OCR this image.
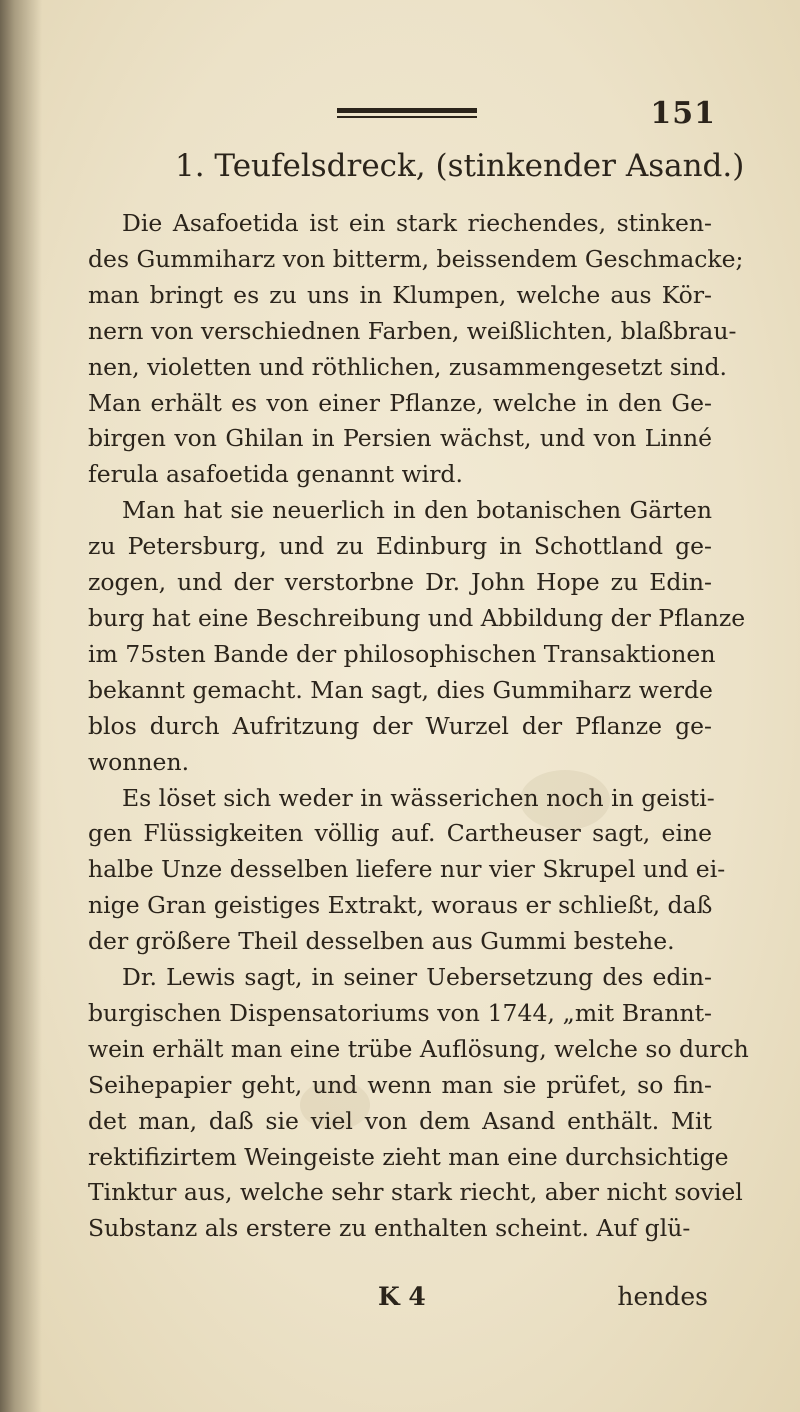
151
1. Teufelsdreck, (stinkender Asand.)

Die Asafoetida ist ein stark riechendes, stinken-
des Gummiharz von bitterm, beissendem Geschmacke;
man bringt es zu uns in Klumpen, welche aus Kör-
nern von verschiednen Farben, weißlichten, blaßbrau-
nen, violetten und röthlichen, zusammengesetzt sind.
Man erhält es von einer Pflanze, welche in den Ge-
birgen von Ghilan in Persien wächst, und von Linné
ferula asafoetida genannt wird.

Man hat sie neuerlich in den botanischen Gärten
zu Petersburg, und zu Edinburg in Schottland ge-
zogen, und der verstorbne Dr. John Hope zu Edin-
burg hat eine Beschreibung und Abbildung der Pflanze
im 75sten Bande der philosophischen Transaktionen
bekannt gemacht. Man sagt, dies Gummiharz werde
blos durch Aufritzung der Wurzel der Pflanze ge-
wonnen.

Es löset sich weder in wässerichen noch in geisti-
gen Flüssigkeiten völlig auf. Carthеuser sagt, eine
halbe Unze desselben liefere nur vier Skrupel und ei-
nige Gran geistiges Extrakt, woraus er schließt, daß
der größere Theil desselben aus Gummi bestehe.

Dr. Lewis sagt, in seiner Uebersetzung des edin-
burgischen Dispensatoriums von 1744, „mit Brannt-
wein erhält man eine trübe Auflösung, welche so durch
Seihepapier geht, und wenn man sie prüfet, so fin-
det man, daß sie viel von dem Asand enthält. Mit
rektifizirtem Weingeiste zieht man eine durchsichtige
Tinktur aus, welche sehr stark riecht, aber nicht soviel
Substanz als erstere zu enthalten scheint. Auf glü-

K 4	hendes
